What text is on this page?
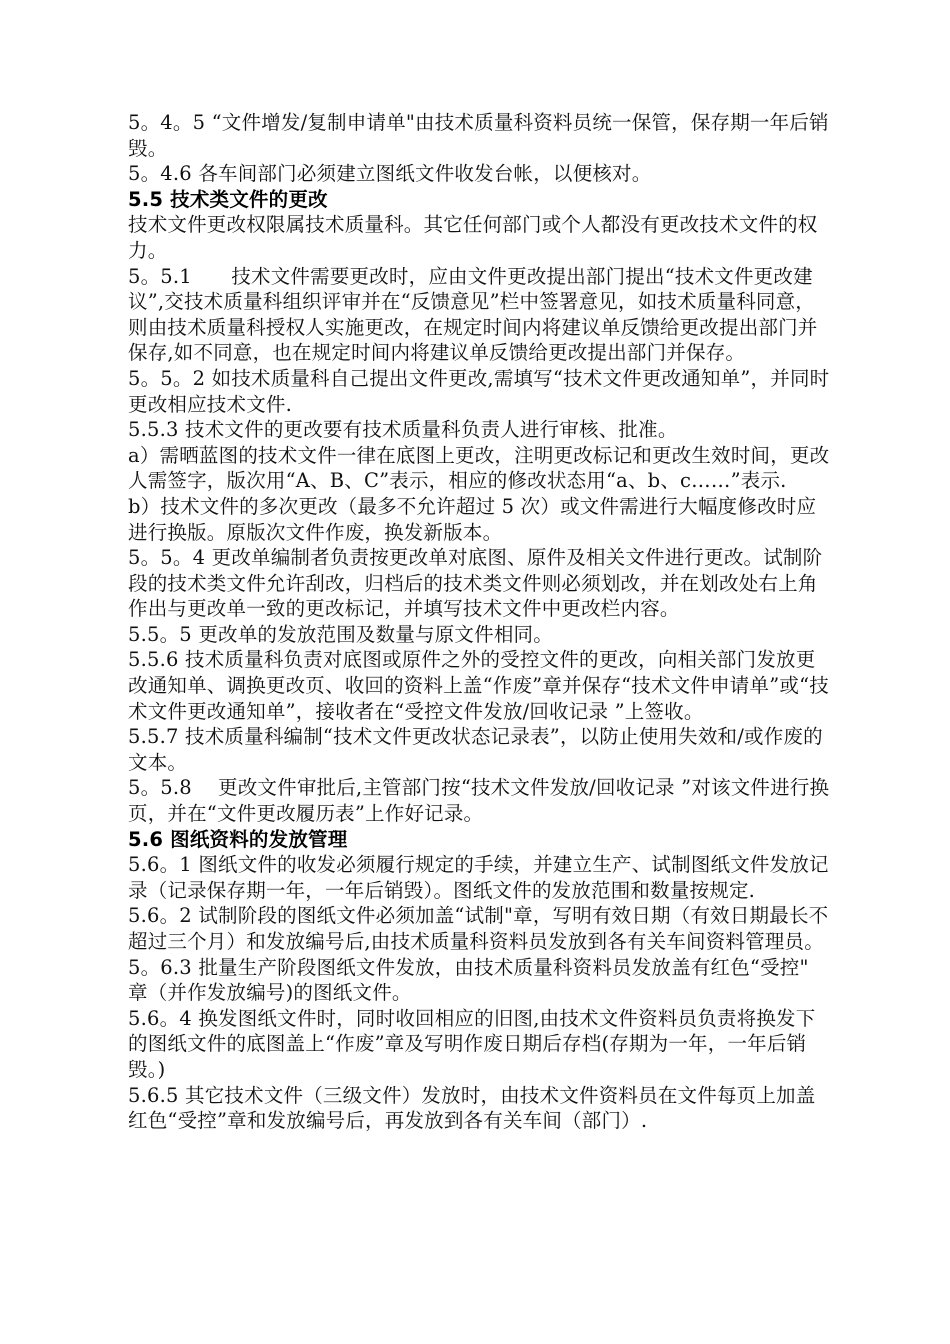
5。4。5 “文件增发/复制申请单"由技术质量科资料员统一保管，保存期一年后销毁。

5。4.6 各车间部门必须建立图纸文件收发台帐，以便核对。

5.5 技术类文件的更改

技术文件更改权限属技术质量科。其它任何部门或个人都没有更改技术文件的权力。

5。5.1　　技术文件需要更改时，应由文件更改提出部门提出“技术文件更改建议”,交技术质量科组织评审并在“反馈意见”栏中签署意见，如技术质量科同意，则由技术质量科授权人实施更改，在规定时间内将建议单反馈给更改提出部门并保存,如不同意，也在规定时间内将建议单反馈给更改提出部门并保存。

5。5。2 如技术质量科自己提出文件更改,需填写“技术文件更改通知单”，并同时更改相应技术文件.

5.5.3 技术文件的更改要有技术质量科负责人进行审核、批准。

a）需晒蓝图的技术文件一律在底图上更改，注明更改标记和更改生效时间，更改人需签字，版次用“A、B、C”表示，相应的修改状态用“a、b、c……”表示.

b）技术文件的多次更改（最多不允许超过 5 次）或文件需进行大幅度修改时应进行换版。原版次文件作废，换发新版本。

5。5。4 更改单编制者负责按更改单对底图、原件及相关文件进行更改。试制阶段的技术类文件允许刮改，归档后的技术类文件则必须划改，并在划改处右上角作出与更改单一致的更改标记，并填写技术文件中更改栏内容。

5.5。5 更改单的发放范围及数量与原文件相同。

5.5.6 技术质量科负责对底图或原件之外的受控文件的更改，向相关部门发放更改通知单、调换更改页、收回的资料上盖“作废”章并保存“技术文件申请单”或“技术文件更改通知单”，接收者在“受控文件发放/回收记录 ”上签收。

5.5.7 技术质量科编制“技术文件更改状态记录表”，以防止使用失效和/或作废的文本。

5。5.8　 更改文件审批后,主管部门按“技术文件发放/回收记录 ”对该文件进行换页，并在“文件更改履历表”上作好记录。

5.6 图纸资料的发放管理

5.6。1 图纸文件的收发必须履行规定的手续，并建立生产、试制图纸文件发放记录（记录保存期一年，一年后销毁）。图纸文件的发放范围和数量按规定.

5.6。2 试制阶段的图纸文件必须加盖“试制"章，写明有效日期（有效日期最长不超过三个月）和发放编号后,由技术质量科资料员发放到各有关车间资料管理员。

5。6.3 批量生产阶段图纸文件发放，由技术质量科资料员发放盖有红色“受控" 章（并作发放编号)的图纸文件。

5.6。4 换发图纸文件时，同时收回相应的旧图,由技术文件资料员负责将换发下的图纸文件的底图盖上“作废”章及写明作废日期后存档(存期为一年，一年后销毁。)

5.6.5 其它技术文件（三级文件）发放时，由技术文件资料员在文件每页上加盖红色“受控”章和发放编号后，再发放到各有关车间（部门）.
